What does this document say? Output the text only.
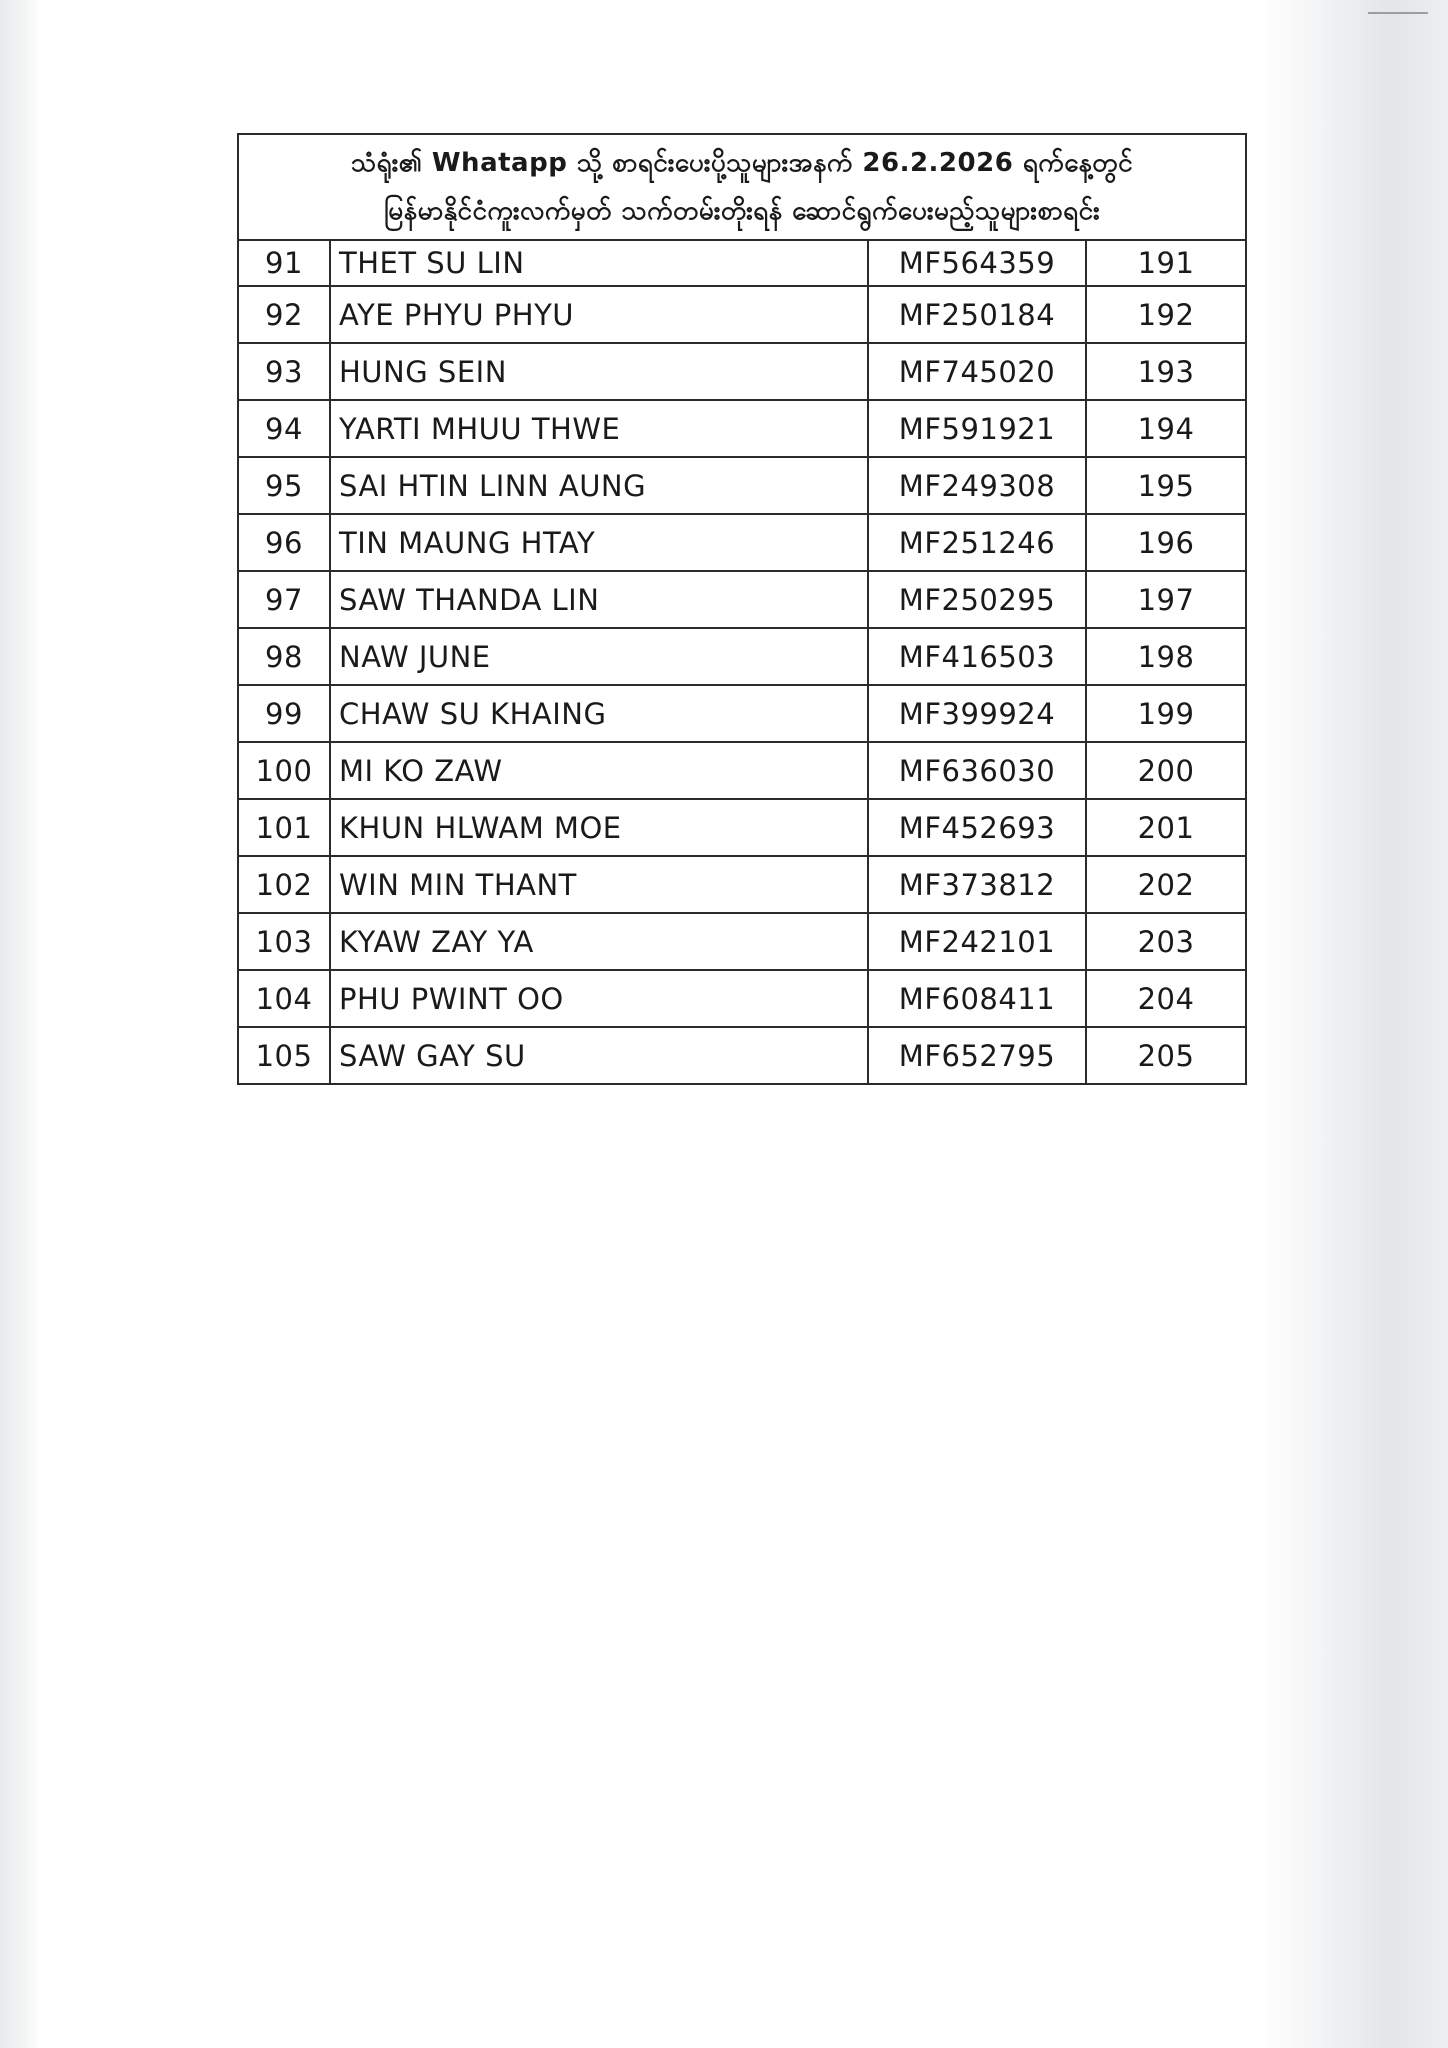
သံရုံး၏ Whatapp သို့ စာရင်းပေးပို့သူများအနက် 26.2.2026 ရက်နေ့တွင်
မြန်မာနိုင်ငံကူးလက်မှတ် သက်တမ်းတိုးရန် ဆောင်ရွက်ပေးမည့်သူများစာရင်း			

91	THET SU LIN	MF564359	191
92	AYE PHYU PHYU	MF250184	192
93	HUNG SEIN	MF745020	193
94	YARTI MHUU THWE	MF591921	194
95	SAI HTIN LINN AUNG	MF249308	195
96	TIN MAUNG HTAY	MF251246	196
97	SAW THANDA LIN	MF250295	197
98	NAW JUNE	MF416503	198
99	CHAW SU KHAING	MF399924	199
100	MI KO ZAW	MF636030	200
101	KHUN HLWAM MOE	MF452693	201
102	WIN MIN THANT	MF373812	202
103	KYAW ZAY YA	MF242101	203
104	PHU PWINT OO	MF608411	204
105	SAW GAY SU	MF652795	205
